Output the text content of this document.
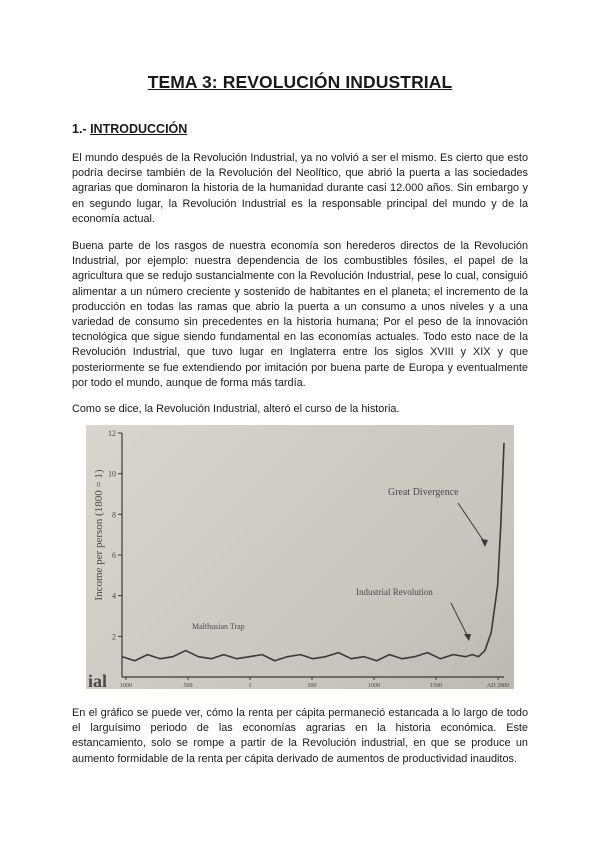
TEMA 3: REVOLUCIÓN INDUSTRIAL
1.- INTRODUCCIÓN

El mundo después de la Revolución Industrial, ya no volvió a ser el mismo. Es cierto que esto podría decirse también de la Revolución del Neolítico, que abrió la puerta a las sociedades agrarias que dominaron la historia de la humanidad durante casi 12.000 años. Sin embargo y en segundo lugar, la Revolución Industrial es la responsable principal del mundo y de la economía actual.

Buena parte de los rasgos de nuestra economía son herederos directos de la Revolución Industrial, por ejemplo: nuestra dependencia de los combustibles fósiles, el papel de la agricultura que se redujo sustancialmente con la Revolución Industrial, pese lo cual, consiguió alimentar a un número creciente y sostenido de habitantes en el planeta; el incremento de la producción en todas las ramas que abrio la puerta a un consumo a unos niveles y a una variedad de consumo sin precedentes en la historia humana; Por el peso de la innovación tecnológica que sigue siendo fundamental en las economías actuales. Todo esto nace de la Revolución Industrial, que tuvo lugar en Inglaterra entre los siglos XVIII y XIX y que posteriormente se fue extendiendo por imitación por buena parte de Europa y eventualmente por todo el mundo, aunque de forma más tardía.

Como se dice, la Revolución Industrial, alteró el curso de la historia.

ial
Income per person (1800 = 1)
2
4
6
8
10
12
1000	500	1	500	1000	1500	AD 2000
Great Divergence
Industrial Revolution
Malthusian Trap

En el gráfico se puede ver, cómo la renta per cápita permaneció estancada a lo largo de todo el larguísimo periodo de las economías agrarias en la historia económica. Este estancamiento, solo se rompe a partir de la Revolución industrial, en que se produce un aumento formidable de la renta per cápita derivado de aumentos de productividad inauditos.
